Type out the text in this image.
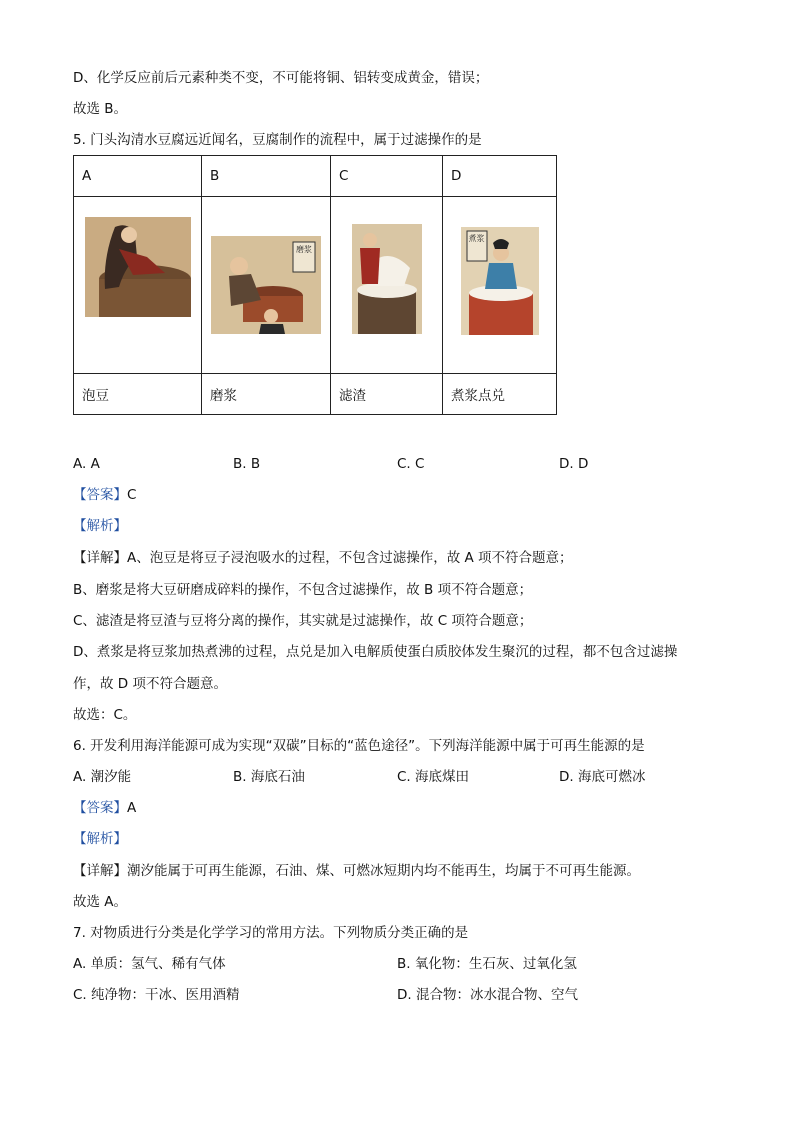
D、化学反应前后元素种类不变，不可能将铜、铝转变成黄金，错误；
故选 B。
5. 门头沟清水豆腐远近闻名，豆腐制作的流程中，属于过滤操作的是
A	B	C	D

磨浆		煮浆

泡豆	磨浆	滤渣	煮浆点兑
A. A	B. B	C. C	D. D
【答案】C
【解析】
【详解】A、泡豆是将豆子浸泡吸水的过程，不包含过滤操作，故 A 项不符合题意；
B、磨浆是将大豆研磨成碎料的操作，不包含过滤操作，故 B 项不符合题意；
C、滤渣是将豆渣与豆将分离的操作，其实就是过滤操作，故 C 项符合题意；
D、煮浆是将豆浆加热煮沸的过程，点兑是加入电解质使蛋白质胶体发生聚沉的过程，都不包含过滤操
作，故 D 项不符合题意。
故选：C。
6. 开发利用海洋能源可成为实现“双碳”目标的“蓝色途径”。下列海洋能源中属于可再生能源的是
A. 潮汐能	B. 海底石油	C. 海底煤田	D. 海底可燃冰
【答案】A
【解析】
【详解】潮汐能属于可再生能源，石油、煤、可燃冰短期内均不能再生，均属于不可再生能源。
故选 A。
7. 对物质进行分类是化学学习的常用方法。下列物质分类正确的是
A. 单质：氢气、稀有气体	B. 氧化物：生石灰、过氧化氢
C. 纯净物：干冰、医用酒精	D. 混合物：冰水混合物、空气
